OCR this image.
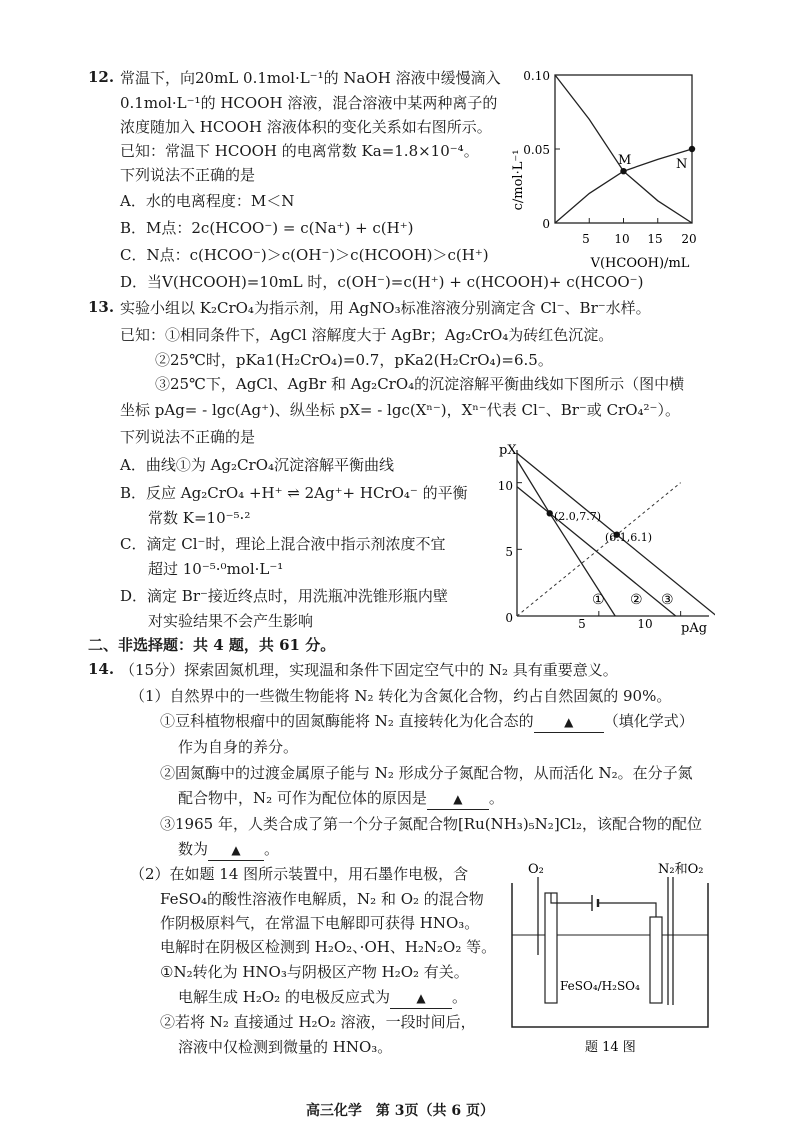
12. 常温下，向20mL 0.1mol·L⁻¹的 NaOH 溶液中缓慢滴入
0.1mol·L⁻¹的 HCOOH 溶液，混合溶液中某两种离子的
浓度随加入 HCOOH 溶液体积的变化关系如右图所示。
已知：常温下 HCOOH 的电离常数 Ka=1.8×10⁻⁴。
下列说法不正确的是
A．水的电离程度：M＜N
B．M点：2c(HCOO⁻) = c(Na⁺) + c(H⁺)
C．N点：c(HCOO⁻)＞c(OH⁻)＞c(HCOOH)＞c(H⁺)
D．当V(HCOOH)=10mL 时，c(OH⁻)=c(H⁺) + c(HCOOH)+ c(HCOO⁻)
c/mol·L⁻¹
V(HCOOH)/mL
0.10
0.05
0
5 10 15 20
M	N
13. 实验小组以 K₂CrO₄为指示剂，用 AgNO₃标准溶液分别滴定含 Cl⁻、Br⁻水样。
已知：①相同条件下，AgCl 溶解度大于 AgBr；Ag₂CrO₄为砖红色沉淀。
②25℃时，pKa1(H₂CrO₄)=0.7，pKa2(H₂CrO₄)=6.5。
③25℃下，AgCl、AgBr 和 Ag₂CrO₄的沉淀溶解平衡曲线如下图所示（图中横
坐标 pAg= - lgc(Ag⁺)、纵坐标 pX= - lgc(Xⁿ⁻)，Xⁿ⁻代表 Cl⁻、Br⁻或 CrO₄²⁻）。
下列说法不正确的是
A．曲线①为 Ag₂CrO₄沉淀溶解平衡曲线
B．反应 Ag₂CrO₄ +H⁺ ⇌ 2Ag⁺+ HCrO₄⁻ 的平衡
常数 K=10⁻⁵·²
C．滴定 Cl⁻时，理论上混合液中指示剂浓度不宜
超过 10⁻⁵·⁰mol·L⁻¹
D．滴定 Br⁻接近终点时，用洗瓶冲洗锥形瓶内壁
对实验结果不会产生影响
pX
pAg
10
5
0	5	10
(2.0,7.7)
(6.1,6.1)
① ② ③
二、非选择题：共 4 题，共 61 分。
14. （15分）探索固氮机理，实现温和条件下固定空气中的 N₂ 具有重要意义。
（1）自然界中的一些微生物能将 N₂ 转化为含氮化合物，约占自然固氮的 90%。
①豆科植物根瘤中的固氮酶能将 N₂ 直接转化为化合态的	▲ （填化学式）
作为自身的养分。
②固氮酶中的过渡金属原子能与 N₂ 形成分子氮配合物，从而活化 N₂。在分子氮
配合物中，N₂ 可作为配位体的原因是 ▲ 。
③1965 年，人类合成了第一个分子氮配合物[Ru(NH₃)₅N₂]Cl₂，该配合物的配位
数为 ▲ 。
（2）在如题 14 图所示装置中，用石墨作电极，含
FeSO₄的酸性溶液作电解质，N₂ 和 O₂ 的混合物
作阴极原料气，在常温下电解即可获得 HNO₃。
电解时在阴极区检测到 H₂O₂、·OH、H₂N₂O₂ 等。
①N₂转化为 HNO₃与阴极区产物 H₂O₂ 有关。
电解生成 H₂O₂ 的电极反应式为 ▲ 。
②若将 N₂ 直接通过 H₂O₂ 溶液，一段时间后，
溶液中仅检测到微量的 HNO₃。
O₂	N₂和O₂
FeSO₄/H₂SO₄
题 14 图
高三化学　第 3页（共 6 页）
